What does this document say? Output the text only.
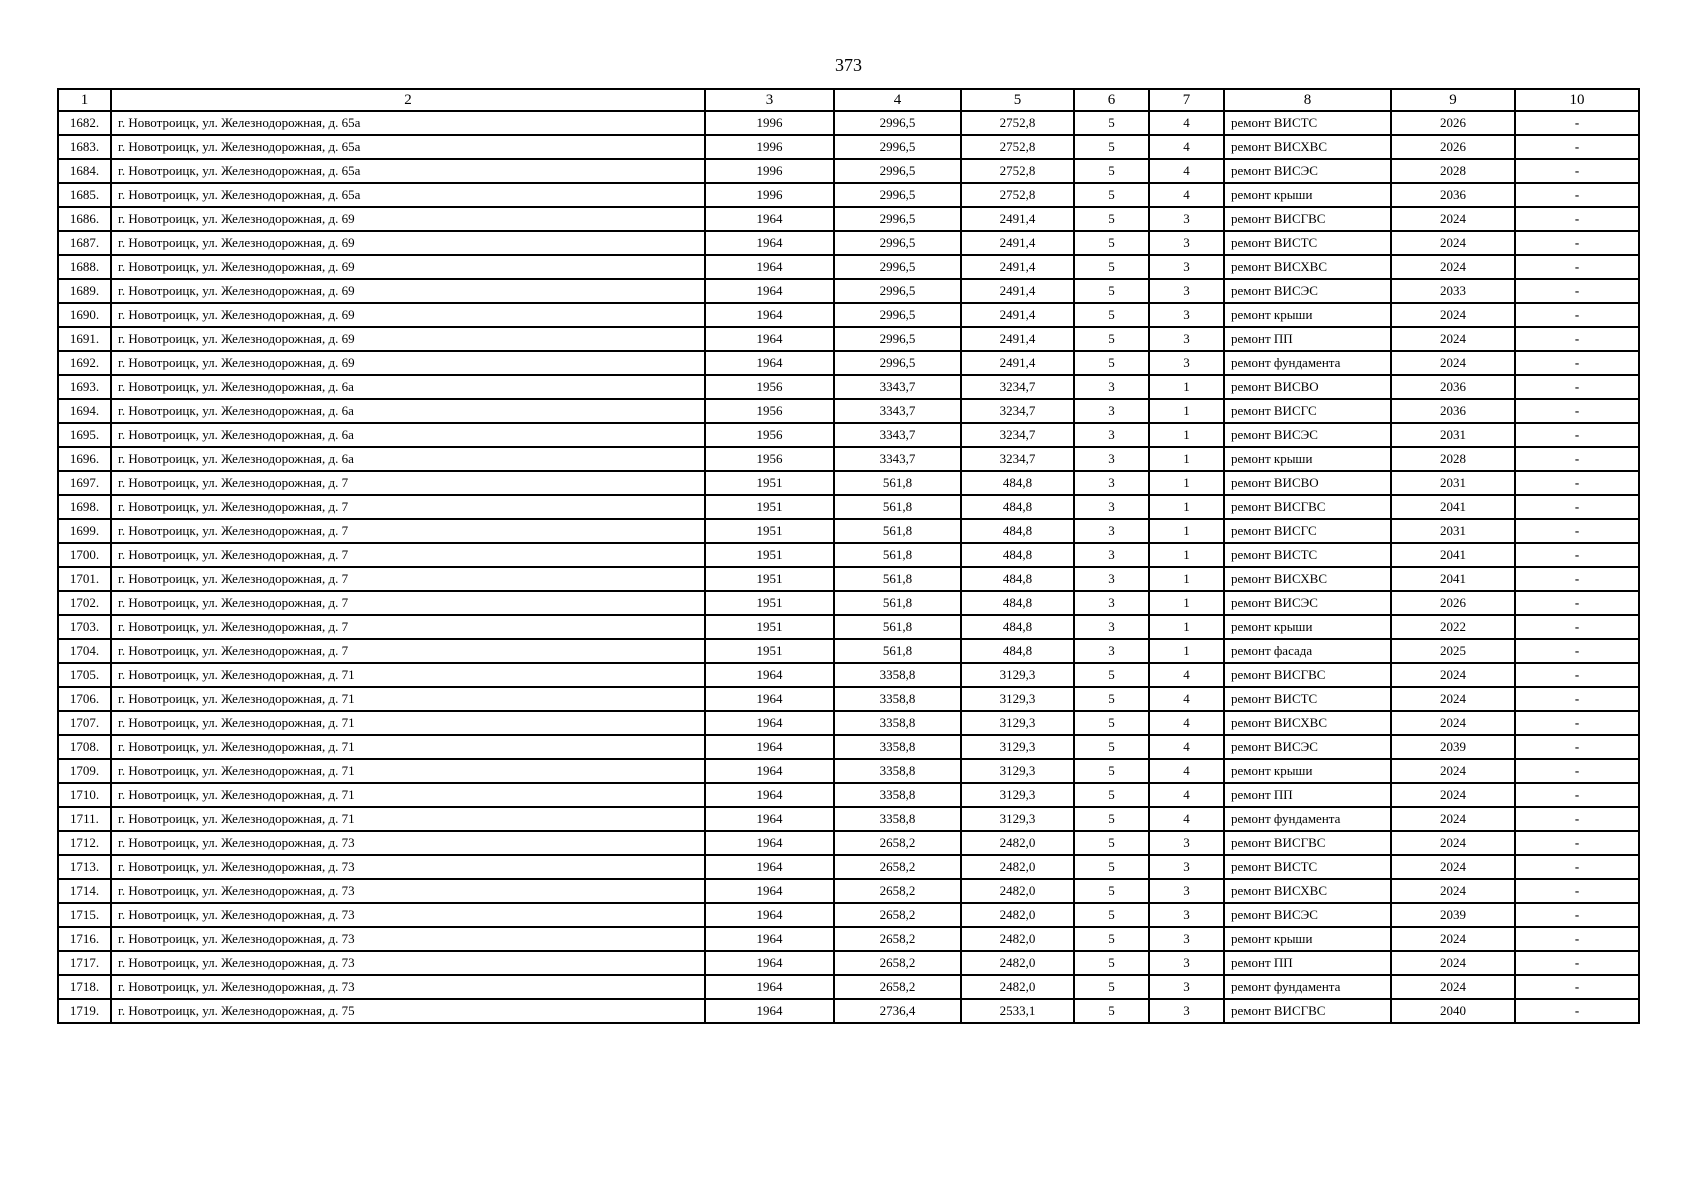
373
1	2	3	4	5	6	7	8	9	10
1682.	г. Новотроицк, ул. Железнодорожная, д. 65а	1996	2996,5	2752,8	5	4	ремонт ВИСТС	2026	-
1683.	г. Новотроицк, ул. Железнодорожная, д. 65а	1996	2996,5	2752,8	5	4	ремонт ВИСХВС	2026	-
1684.	г. Новотроицк, ул. Железнодорожная, д. 65а	1996	2996,5	2752,8	5	4	ремонт ВИСЭС	2028	-
1685.	г. Новотроицк, ул. Железнодорожная, д. 65а	1996	2996,5	2752,8	5	4	ремонт крыши	2036	-
1686.	г. Новотроицк, ул. Железнодорожная, д. 69	1964	2996,5	2491,4	5	3	ремонт ВИСГВС	2024	-
1687.	г. Новотроицк, ул. Железнодорожная, д. 69	1964	2996,5	2491,4	5	3	ремонт ВИСТС	2024	-
1688.	г. Новотроицк, ул. Железнодорожная, д. 69	1964	2996,5	2491,4	5	3	ремонт ВИСХВС	2024	-
1689.	г. Новотроицк, ул. Железнодорожная, д. 69	1964	2996,5	2491,4	5	3	ремонт ВИСЭС	2033	-
1690.	г. Новотроицк, ул. Железнодорожная, д. 69	1964	2996,5	2491,4	5	3	ремонт крыши	2024	-
1691.	г. Новотроицк, ул. Железнодорожная, д. 69	1964	2996,5	2491,4	5	3	ремонт ПП	2024	-
1692.	г. Новотроицк, ул. Железнодорожная, д. 69	1964	2996,5	2491,4	5	3	ремонт фундамента	2024	-
1693.	г. Новотроицк, ул. Железнодорожная, д. 6а	1956	3343,7	3234,7	3	1	ремонт ВИСВО	2036	-
1694.	г. Новотроицк, ул. Железнодорожная, д. 6а	1956	3343,7	3234,7	3	1	ремонт ВИСГС	2036	-
1695.	г. Новотроицк, ул. Железнодорожная, д. 6а	1956	3343,7	3234,7	3	1	ремонт ВИСЭС	2031	-
1696.	г. Новотроицк, ул. Железнодорожная, д. 6а	1956	3343,7	3234,7	3	1	ремонт крыши	2028	-
1697.	г. Новотроицк, ул. Железнодорожная, д. 7	1951	561,8	484,8	3	1	ремонт ВИСВО	2031	-
1698.	г. Новотроицк, ул. Железнодорожная, д. 7	1951	561,8	484,8	3	1	ремонт ВИСГВС	2041	-
1699.	г. Новотроицк, ул. Железнодорожная, д. 7	1951	561,8	484,8	3	1	ремонт ВИСГС	2031	-
1700.	г. Новотроицк, ул. Железнодорожная, д. 7	1951	561,8	484,8	3	1	ремонт ВИСТС	2041	-
1701.	г. Новотроицк, ул. Железнодорожная, д. 7	1951	561,8	484,8	3	1	ремонт ВИСХВС	2041	-
1702.	г. Новотроицк, ул. Железнодорожная, д. 7	1951	561,8	484,8	3	1	ремонт ВИСЭС	2026	-
1703.	г. Новотроицк, ул. Железнодорожная, д. 7	1951	561,8	484,8	3	1	ремонт крыши	2022	-
1704.	г. Новотроицк, ул. Железнодорожная, д. 7	1951	561,8	484,8	3	1	ремонт фасада	2025	-
1705.	г. Новотроицк, ул. Железнодорожная, д. 71	1964	3358,8	3129,3	5	4	ремонт ВИСГВС	2024	-
1706.	г. Новотроицк, ул. Железнодорожная, д. 71	1964	3358,8	3129,3	5	4	ремонт ВИСТС	2024	-
1707.	г. Новотроицк, ул. Железнодорожная, д. 71	1964	3358,8	3129,3	5	4	ремонт ВИСХВС	2024	-
1708.	г. Новотроицк, ул. Железнодорожная, д. 71	1964	3358,8	3129,3	5	4	ремонт ВИСЭС	2039	-
1709.	г. Новотроицк, ул. Железнодорожная, д. 71	1964	3358,8	3129,3	5	4	ремонт крыши	2024	-
1710.	г. Новотроицк, ул. Железнодорожная, д. 71	1964	3358,8	3129,3	5	4	ремонт ПП	2024	-
1711.	г. Новотроицк, ул. Железнодорожная, д. 71	1964	3358,8	3129,3	5	4	ремонт фундамента	2024	-
1712.	г. Новотроицк, ул. Железнодорожная, д. 73	1964	2658,2	2482,0	5	3	ремонт ВИСГВС	2024	-
1713.	г. Новотроицк, ул. Железнодорожная, д. 73	1964	2658,2	2482,0	5	3	ремонт ВИСТС	2024	-
1714.	г. Новотроицк, ул. Железнодорожная, д. 73	1964	2658,2	2482,0	5	3	ремонт ВИСХВС	2024	-
1715.	г. Новотроицк, ул. Железнодорожная, д. 73	1964	2658,2	2482,0	5	3	ремонт ВИСЭС	2039	-
1716.	г. Новотроицк, ул. Железнодорожная, д. 73	1964	2658,2	2482,0	5	3	ремонт крыши	2024	-
1717.	г. Новотроицк, ул. Железнодорожная, д. 73	1964	2658,2	2482,0	5	3	ремонт ПП	2024	-
1718.	г. Новотроицк, ул. Железнодорожная, д. 73	1964	2658,2	2482,0	5	3	ремонт фундамента	2024	-
1719.	г. Новотроицк, ул. Железнодорожная, д. 75	1964	2736,4	2533,1	5	3	ремонт ВИСГВС	2040	-
